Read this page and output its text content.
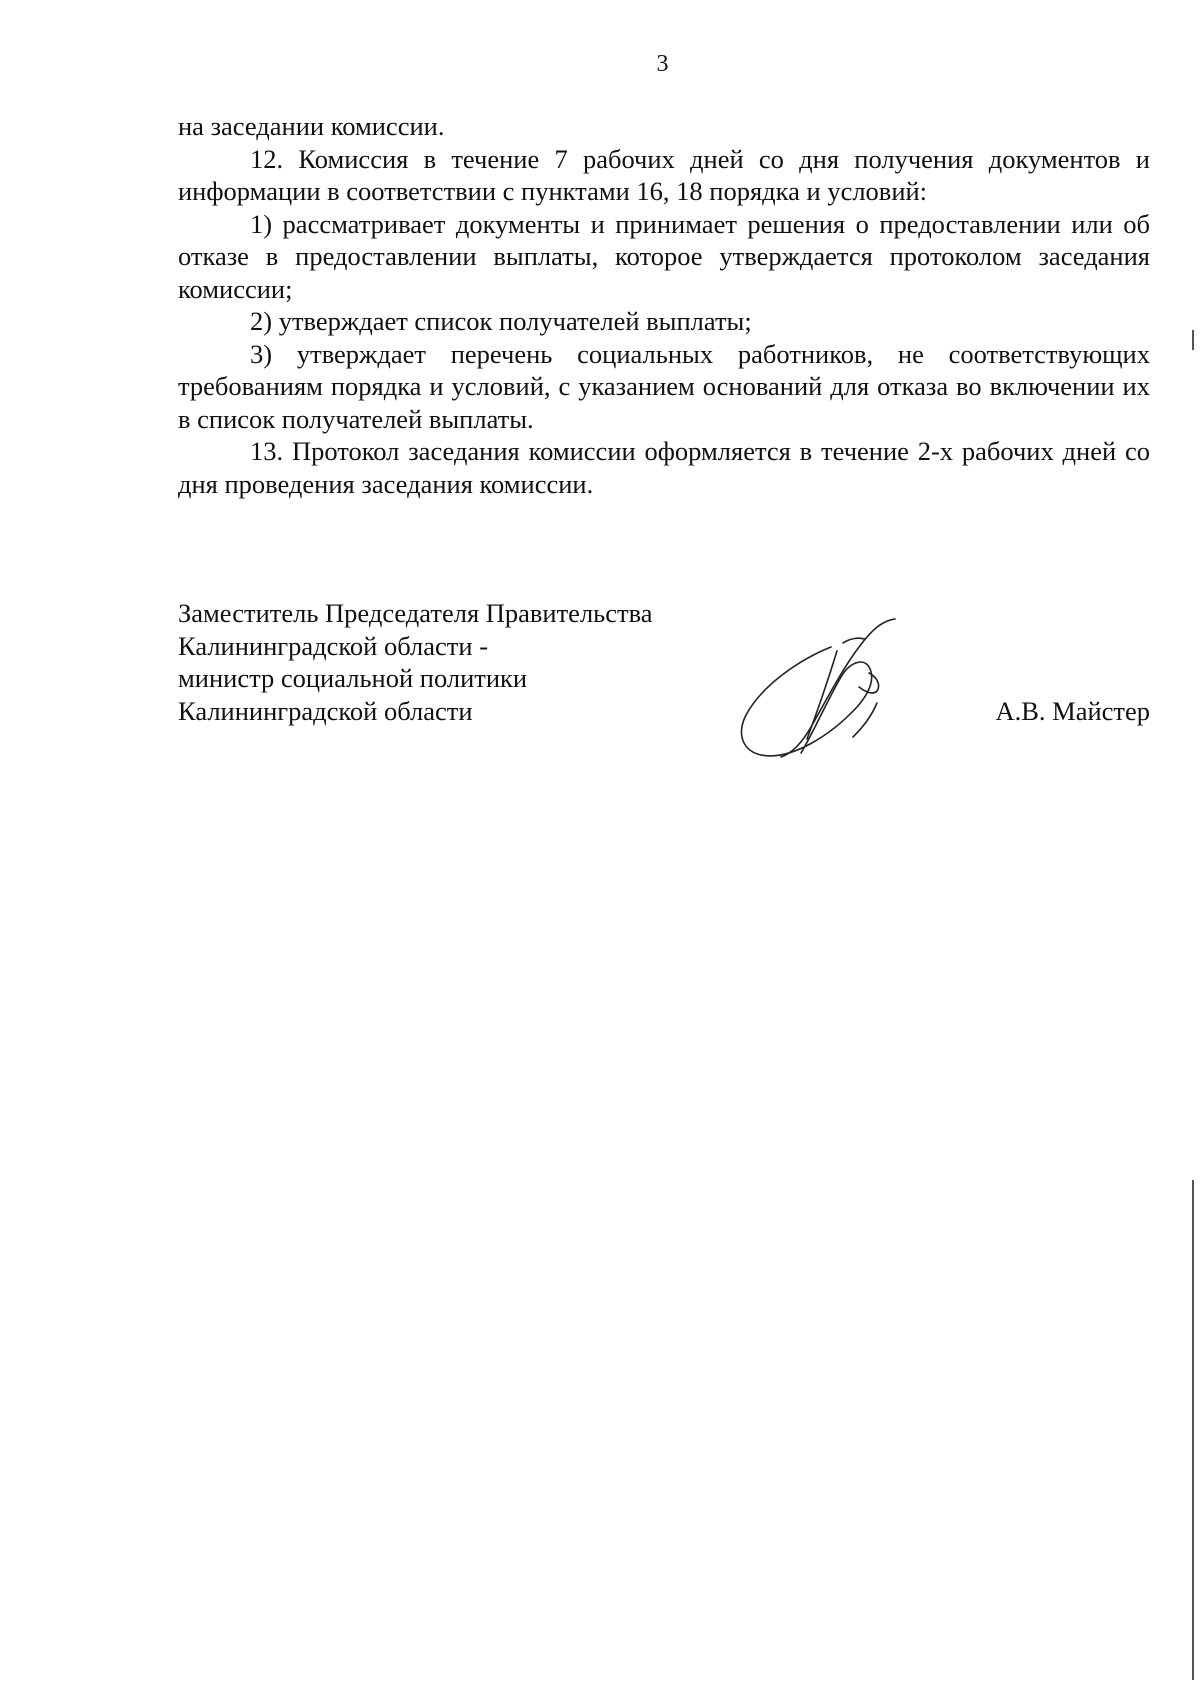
3

на заседании комиссии.

12. Комиссия в течение 7 рабочих дней со дня получения документов и информации в соответствии с пунктами 16, 18 порядка и условий:

1) рассматривает документы и принимает решения о предоставлении или об отказе в предоставлении выплаты, которое утверждается протоколом заседания комиссии;

2) утверждает список получателей выплаты;

3) утверждает перечень социальных работников, не соответствующих требованиям порядка и условий, с указанием оснований для отказа во включении их в список получателей выплаты.

13. Протокол заседания комиссии оформляется в течение 2-х рабочих дней со дня проведения заседания комиссии.

Заместитель Председателя Правительства
Калининградской области -
министр социальной политики
Калининградской области	А.В. Майстер
